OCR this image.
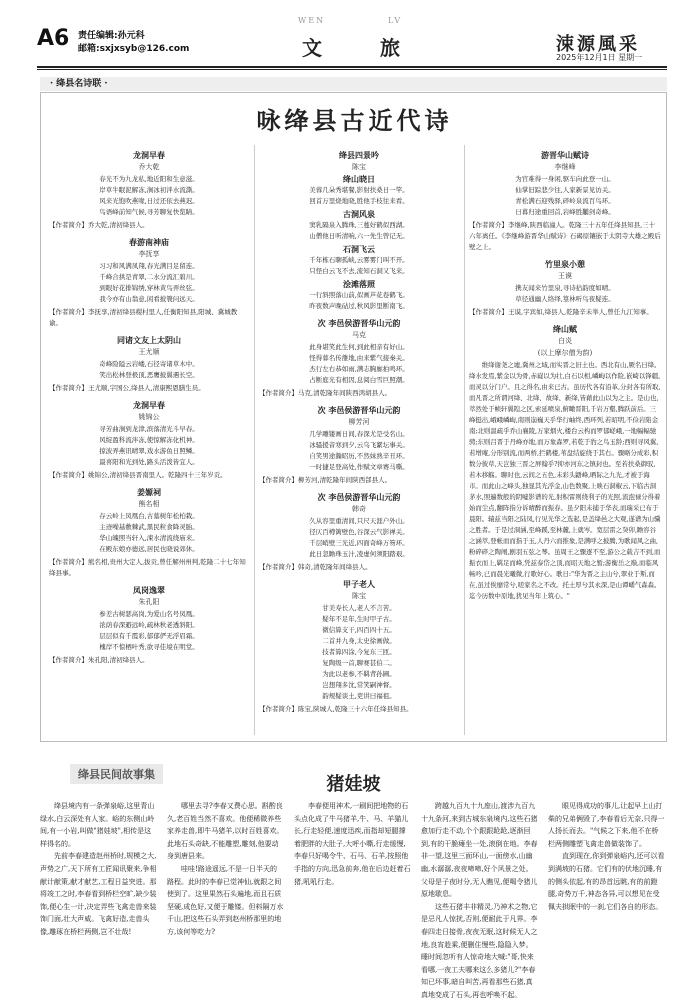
A6 责任编辑:孙元科
邮箱:sxjxsyb@126.com
WEN	LV
文	旅	涑源風采
2025年12月1日 星期一
· 绛县名诗联 ·
咏绛县古近代诗
龙洞早春
乔大乾
春光不为九龙私,地近阳和生意滋。
岸草牛眠泥解冻,涧冰初泮水流澌。
风来光饱吹燕喙,日过还依去燕迟。
鸟语峰前知气候,寻芳聊复快览睛。
【作者简介】乔大乾,清初绛县人。
春游南神庙
李抚享
习习和风满凤翔,春光满目足留连。
千峰合拱是青翠,二水分流汇碧川。
到眼好花排锦绣,穿林黄鸟弄丝弦。
我今亦有山翁意,闲看披簑问远天。
【作者简介】李抚享,清初绛县稷村里人,任衡阳知县,阳城、冀城教谕。
同诸文友上太阴山
王尤顺
奇峰险隘云岩嵝,石径寄诸草木中。
笑出松林登极顶,恶鹰披翼遇长空。
【作者简介】王尤顺,字国公,绛县人,清康熙恩膳生员。
龙洞早春
姚锦公
寻芳曲涧到龙津,滨落清光斗早春。
风绽盈科流泮冻,使惊解冻化机神。
掠波弄燕讯晴翠,戏水游鱼日照鳞。
最喜阳和光到处,路头活泼皆宜人。
【作者简介】姚锦公,清初绛县晋南里人。乾隆四十三年岁贡。
姜嫄祠
熊名相
存云岭上凤凰台,古墓树年松柏栽。
主迹噪基敷棘武,黑民粒食降灵胎。
华山魄照当轩入,涑水清流绕庙来。
在殿东娘亦德远,居民也晓说郊休。
【作者简介】熊名相,贵州大定人,拔贡,曾任解州州判,乾隆二十七年知绛县事。
凤岗逸翠
朱孔阳
参差古树瑟高岗,为爱山名号凤凰。
浓荫春深避远岭,疏林秋老透斜阳。
层层似有千霞彩,郁郁俨无浮眉霜。
槐岸不惊栖叶秀,欲寻佳境在明堂。
【作者简介】朱孔阳,清初绛县人。
绛县四景吟
陈宝
绛山晓日
美蓉几朵秀堪餐,影射扶桑日一竿。
回首万里烧地晓,胜他手枝往来看。
古洞风泉
窦乳隔泉入腾珠,三蔓好鹤似西湖。
山僧他日听清响,六一先生曾记无。
石洞飞云
千年栋石聊孤峡,云雾雾门叫不开。
只怪白云飞不去,流知石洞又飞来。
浍滩落照
一行斜照落山前,似画芦花卷鹤飞。
昨夜数声晚砧过,秋风影里断南飞。
次 李邑侯游晋华山元韵
马克
此身堪笑此生何,到此相亲有好山。
怪得暮名传雒地,由来紫气接秦关。
杰行左右恭如雨,满志胸廊拍鸣环。
占断庭光有相因,息阅白雪巨照潮。
【作者简介】马克,清乾隆年间陕西鸿胡县人。
次 李邑侯游晋华山元韵
柳芳河
几学雕镂画日间,春深尤是受名山。
冰骚援音寒到夕,云乌飞絮坛事关。
自笑男途瀚昭历,不然妹熟辛丑环。
一时捷足登高处,作赋文章赛马嘶。
【作者简介】柳芳河,清乾隆年间陕西郃县人。
次 李邑侯游晋华山元韵
韩奇
久从容里重清间,只尺天涯户外山。
径仄百樽篱壁色,谷深云气影禅关。
千层峭壁三光近,四面奇峰万笏环。
此日忽瞻珠玉汁,凌虚何须阳踏艰。
【作者简介】韩奇,清乾隆年间绛县人。
甲子老人
陈宝
甘美寿长人,老人不言苦。
疑年不足年,生时甲子古。
微信算支干,四百四十五。
二首并九身,太史徐画做。
技者算四涂,今复东三匝。
复陶级一首,聊赛甚伯二。
为此以老参,不羁背孙圃。
岂想翔多沈,常笑嗣神督。
韵规疑谈土,吏讲曰福祖。
【作者简介】陈宝,陕城人,乾隆三十六年任绛县知县。
游晋华山赋诗
李继峰
为官难得一身闲,驱车向此登一山。
仙掌旧踪悲少往,人家新景见访关。
青松满石迎残驿,碎岭泉流百鸟环。
日暮归途重回首,岩峰胜黼剑奇峰。
【作者简介】李继峰,陕西临潼人。乾隆三十五年任绛县知县,三十六年离任。《李继峰游晋华山赋诗》石碣原镶嵌于太阴寺大雄之殿后壁之上。
竹里泉小憩
王谟
携友闻来竹里泉,寻诗拈韵度如晴。
草径通幽人络绎,篁林听鸟夜疑连。
【作者简介】王谟,字宾如,绛县人,乾隆辛未举人,曾任九江知事。
绛山赋
白炎
(以上摩尔僧为韵)
维绛谢尧之墟,冀州之域,而实晋之旧土也。西北有山,厥名曰绛。绛水发焉,紫金以为骨,赤嶷以为壮,白石以相,嶙峋以作险,嵌崎以锋疆,而灵以分门户。且之得名,由来已古。虽历代各有沿革,分封各有所取,而凡晋之所谓河绛、北绛、故绛、新绛,皆藉此山以为之主。是山也,萃然处于帧轩翼隍之区,索延喷泉,俯瞰晋阳,千岩万壑,腾跃前后。三峰挺出,峨峨嶙峋,南则崩巍天乎华行岫终,西环列,若昭明,不俭岩陷金南;北则温疏乎乔山襄陵,万家烟火,楼台云构而罗郁嵯峨,一地幅幅驰骋;东则吕晋于丹峰亦地,而万象森罗,若乾于豹之鸟玉龄;西则寻风翼,若增庵,分形别流,而两桥,拦鹤楼,苇盘结旋绕于其右。骤略分成彩,积数分彼草,天岂独三晋之屏翰乎?抑亦河东之镇封也。至若扶桑御驭,若木移觞。聊时也,云间之五色,未彩头鼯峰,晒际之九光,才被于海市。而此山之峰头,独显其光浮金,山色数聚,上映石洞椒云,下临古洞茅水,照遍数般的阴嘘影谱的光,射积雷则绕利子的光照,流泡禄分得着始而尘点,翻阵指分诉晴醉而振春。虽夕阳未捕于华表,而瑞采已布于晨阳。辕兹当阳之陆凤,行见光华之选起,是盖绛邑之大观,遂谱为山骥之胜者。于是过洞涵,至峰蹊,至林麓,上就岑。宽层雷之癸卯,瞻容谷之涵萃,登帐而而指于玉,人丹六而推象,是满呼之披腾,为歌闻风之曲,粉碎碎之陶阐,剧羽五弦之琴。虽周王之骤逐不至,游公之载吉不到,而振衣而上,羁足而峰,凭兹泰岱之顶,而昭天地之暂;游衡岳之巅,而临风畅吟,已而晨光曦微,行歌好心。歌日:"华为晋之主山兮,翠业于斯,而在,虽过俟靡常兮,嗟家名之不改。托土厚兮其永深,是山谭嶓气森森。迄今历数中原地,犹见当年上筑心。"
绛县民间故事集	猪娃坡

绛县境内有一条弹泉峪,这里青山绿水,白云深处有人家。峪的东侧山岭间,有一小岩,叫做"猪娃坡",相传是这样得名的。

先前李春建造赵州桥时,规模之大,声势之广,天下所有工匠闻讯聚来,争相献计献策,献才献艺,工程日益突进。那将竣工之时,李春看到桥栏空旷,缺少装饰,便心生一计,决定弄些飞禽走兽来装饰门面,壮大声威。飞禽好造,走兽头像,雕琢在桥栏两侧,岂不壮哉!

哪里去寻?李春又费心思。斟酌良久,老百姓当然不喜欢。他便稀微养些家养走兽,即牛马猪羊,以时百姓喜欢。此地石头奇缺,不能雕塑,雕刻,他要动身到唐县来。

哇哇!路途遥远,不是一日半天的路程。此时的李春已觉神仙,就跟之间使到了。这里果然石头遍地,而且石质坚硬,成色好,又便于雕镂。但料隔万水千山,把这些石头弄到赵州桥那里的地方,该何等吃力?

李春便用神术,一刷间把地物的石头点化成了牛马猪羊,牛、马、羊猫儿长,行走轻便,速度迅疾,而指却短腿撑着肥胖的大肚子,大呼小嘶,行走缓慢,李春只好喝令牛、石马、石羊,按照他手指的方向,迅急前奔,他在后边赶着石猪,吼吼行走。

跨越九百九十九座山,渡涉九百九十九条河,来到古城东泉境内,这些石猪愈加行走不动,个个跟跟跄跄,逐渐回到,有的干脆瘫坐一处,滚倒在地。李春非一望,这里三面环山,一面傍水,山幽幽,水潺潺,夜夜啼啼,好个风景之处。父母是子夜时分,无人瞧见,便喝令猪儿原地歇息。

这些石猪丰非精灵,乃神术之物,它是忌凡人惊扰,否则,便耐此于凡界。李春四走日接骨,夜夜无眠,这时候无人之地,良宵趁乘,便删住慢些,隐隐入梦。睡时间忽听有人惊奇地大喊:"哥,快来看哪,一夜工夫哪来这么多猪儿?"李春知已坏事,暗自叫苦,再看那些石猪,真真地变成了石头,再也呼唤不起。

眼见得成功的事儿,让起早上山打柴的兄弟俩毁了,李春看后无奈,只得一人扬长而去。"气候之下来,他不在桥栏两侧雕塑飞禽走兽做装饰了。

直到现在,你到弹泉峪内,还可以看到满坡的石猪。它们有的伏地沉睡,有的侧头依起,有的昂首远眺,有的前蹬腿,奇势万千,神态各异,可以想见在受佩夫拱眠中的一刹,它们各自的形态。
